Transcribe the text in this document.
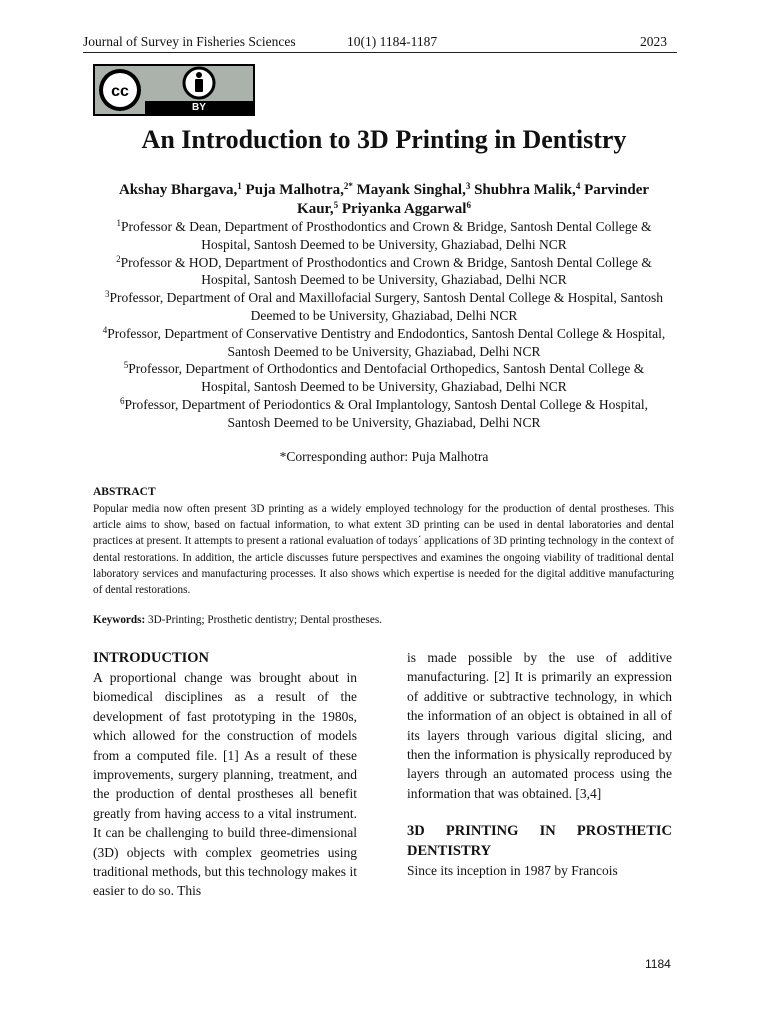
Journal of Survey in Fisheries Sciences	10(1) 1184-1187	2023
cc
BY
An Introduction to 3D Printing in Dentistry
Akshay Bhargava,$^1$ Puja Malhotra,$^{2*}$ Mayank Singhal,$^3$ Shubhra Malik,$^4$ Parvinder Kaur,$^5$ Priyanka Aggarwal$^6$

$^1$Professor & Dean, Department of Prosthodontics and Crown & Bridge, Santosh Dental College & Hospital, Santosh Deemed to be University, Ghaziabad, Delhi NCR

$^2$Professor & HOD, Department of Prosthodontics and Crown & Bridge, Santosh Dental College & Hospital, Santosh Deemed to be University, Ghaziabad, Delhi NCR

$^3$Professor, Department of Oral and Maxillofacial Surgery, Santosh Dental College & Hospital, Santosh Deemed to be University, Ghaziabad, Delhi NCR

$^4$Professor, Department of Conservative Dentistry and Endodontics, Santosh Dental College & Hospital, Santosh Deemed to be University, Ghaziabad, Delhi NCR

$^5$Professor, Department of Orthodontics and Dentofacial Orthopedics, Santosh Dental College & Hospital, Santosh Deemed to be University, Ghaziabad, Delhi NCR

$^6$Professor, Department of Periodontics & Oral Implantology, Santosh Dental College & Hospital, Santosh Deemed to be University, Ghaziabad, Delhi NCR

*Corresponding author: Puja Malhotra
ABSTRACT
Popular media now often present 3D printing as a widely employed technology for the production of dental prostheses. This article aims to show, based on factual information, to what extent 3D printing can be used in dental laboratories and dental practices at present. It attempts to present a rational evaluation of todays´ applications of 3D printing technology in the context of dental restorations. In addition, the article discusses future perspectives and examines the ongoing viability of traditional dental laboratory services and manufacturing processes. It also shows which expertise is needed for the digital additive manufacturing of dental restorations.
Keywords: 3D-Printing; Prosthetic dentistry; Dental prostheses.
INTRODUCTION

A proportional change was brought about in biomedical disciplines as a result of the development of fast prototyping in the 1980s, which allowed for the construction of models from a computed file. [1] As a result of these improvements, surgery planning, treatment, and the production of dental prostheses all benefit greatly from having access to a vital instrument. It can be challenging to build three-dimensional (3D) objects with complex geometries using traditional methods, but this technology makes it easier to do so. This

is made possible by the use of additive manufacturing. [2] It is primarily an expression of additive or subtractive technology, in which the information of an object is obtained in all of its layers through various digital slicing, and then the information is physically reproduced by layers through an automated process using the information that was obtained. [3,4]

3D PRINTING IN PROSTHETIC DENTISTRY

Since its inception in 1987 by Francois

1184
